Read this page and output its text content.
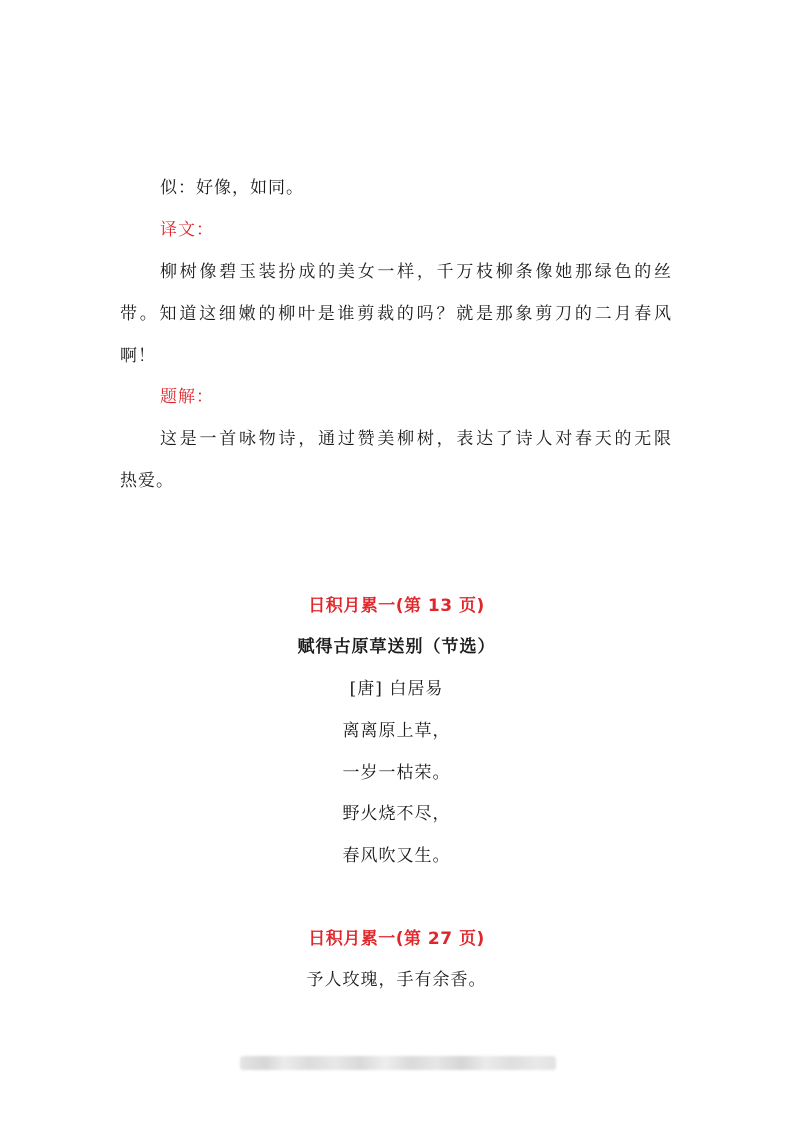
似：好像，如同。
译文：
柳树像碧玉装扮成的美女一样，千万枝柳条像她那绿色的丝
带。知道这细嫩的柳叶是谁剪裁的吗？就是那象剪刀的二月春风
啊！
题解：
这是一首咏物诗，通过赞美柳树，表达了诗人对春天的无限
热爱。
日积月累一(第 13 页)
赋得古原草送别（节选）
[唐] 白居易
离离原上草，
一岁一枯荣。
野火烧不尽，
春风吹又生。
日积月累一(第 27 页)
予人玫瑰，手有余香。
